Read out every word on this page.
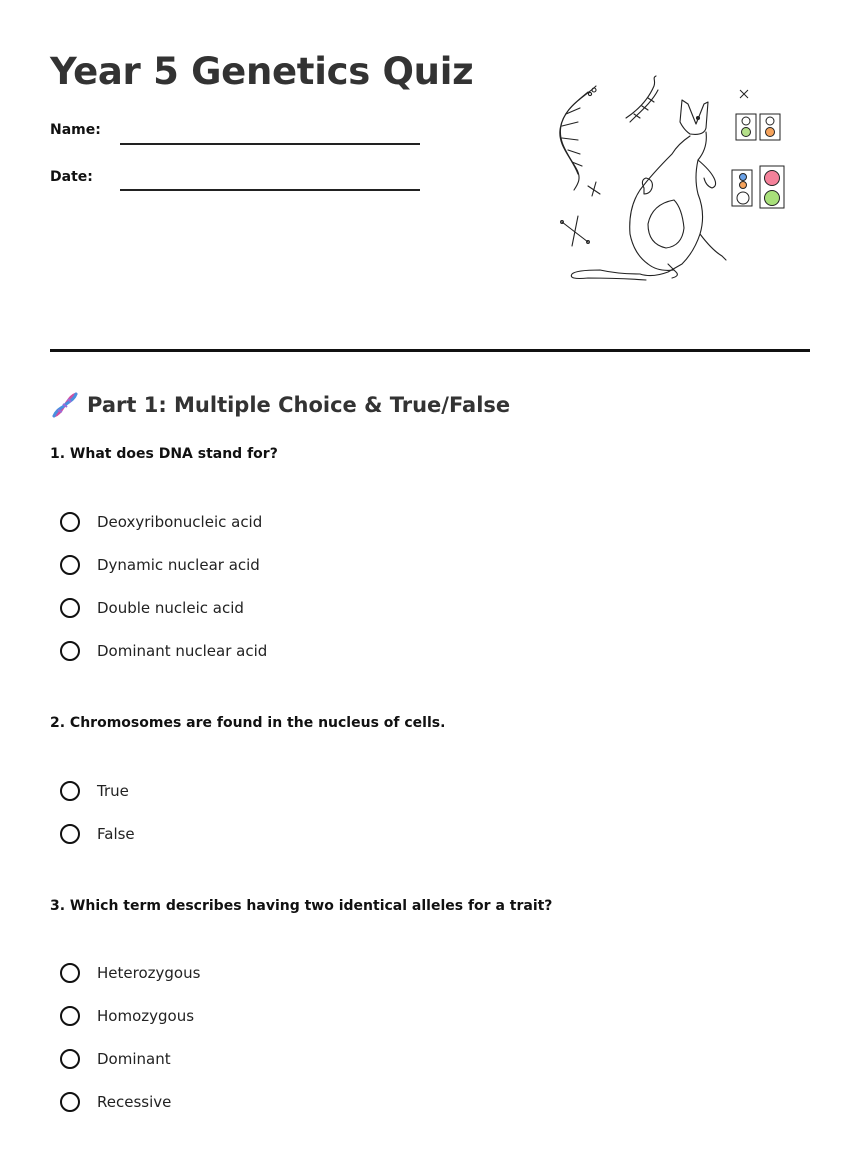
Year 5 Genetics Quiz
Name:
Date:
Part 1: Multiple Choice & True/False

1. What does DNA stand for?

Deoxyribonucleic acid
Dynamic nuclear acid
Double nucleic acid
Dominant nuclear acid

2. Chromosomes are found in the nucleus of cells.

True
False

3. Which term describes having two identical alleles for a trait?

Heterozygous
Homozygous
Dominant
Recessive
